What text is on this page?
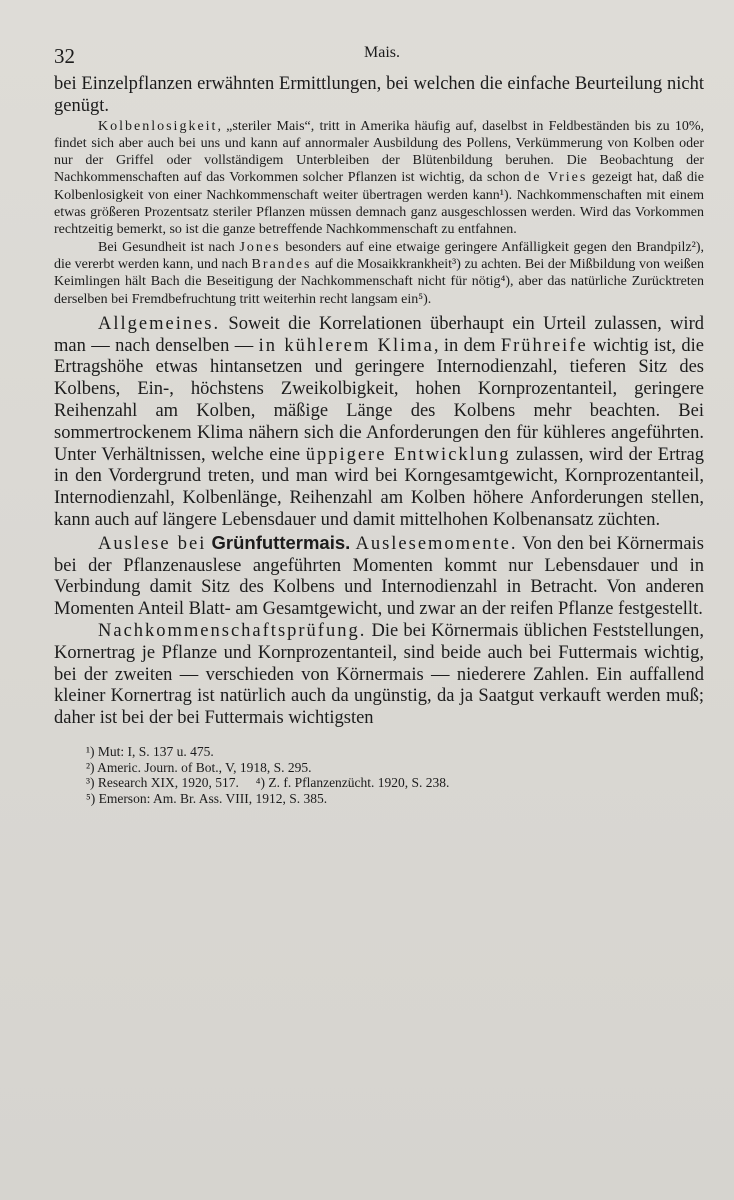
32	Mais.

bei Einzelpflanzen erwähnten Ermittlungen, bei welchen die einfache Beurteilung nicht genügt.

Kolbenlosigkeit, „steriler Mais“, tritt in Amerika häufig auf, daselbst in Feldbeständen bis zu 10%, findet sich aber auch bei uns und kann auf annormaler Ausbildung des Pollens, Verkümmerung von Kolben oder nur der Griffel oder vollständigem Unterbleiben der Blütenbildung beruhen. Die Beobachtung der Nachkommenschaften auf das Vorkommen solcher Pflanzen ist wichtig, da schon de Vries gezeigt hat, daß die Kolbenlosigkeit von einer Nachkommenschaft weiter übertragen werden kann¹). Nachkommenschaften mit einem etwas größeren Prozentsatz steriler Pflanzen müssen demnach ganz ausgeschlossen werden. Wird das Vorkommen rechtzeitig bemerkt, so ist die ganze betreffende Nachkommenschaft zu entfahnen.

Bei Gesundheit ist nach Jones besonders auf eine etwaige geringere Anfälligkeit gegen den Brandpilz²), die vererbt werden kann, und nach Brandes auf die Mosaikkrankheit³) zu achten. Bei der Mißbildung von weißen Keimlingen hält Bach die Beseitigung der Nachkommenschaft nicht für nötig⁴), aber das natürliche Zurücktreten derselben bei Fremdbefruchtung tritt weiterhin recht langsam ein⁵).

Allgemeines. Soweit die Korrelationen überhaupt ein Urteil zulassen, wird man — nach denselben — in kühlerem Klima, in dem Frühreife wichtig ist, die Ertragshöhe etwas hintansetzen und geringere Internodienzahl, tieferen Sitz des Kolbens, Ein-, höchstens Zweikolbigkeit, hohen Kornprozentanteil, geringere Reihenzahl am Kolben, mäßige Länge des Kolbens mehr beachten. Bei sommertrockenem Klima nähern sich die Anforderungen den für kühleres angeführten. Unter Verhältnissen, welche eine üppigere Entwicklung zulassen, wird der Ertrag in den Vordergrund treten, und man wird bei Korngesamtgewicht, Kornprozentanteil, Internodienzahl, Kolbenlänge, Reihenzahl am Kolben höhere Anforderungen stellen, kann auch auf längere Lebensdauer und damit mittelhohen Kolbenansatz züchten.

Auslese bei Grünfuttermais. Auslesemomente. Von den bei Körnermais bei der Pflanzenauslese angeführten Momenten kommt nur Lebensdauer und in Verbindung damit Sitz des Kolbens und Internodienzahl in Betracht. Von anderen Momenten Anteil Blatt- am Gesamtgewicht, und zwar an der reifen Pflanze festgestellt.

Nachkommenschaftsprüfung. Die bei Körnermais üblichen Feststellungen, Kornertrag je Pflanze und Kornprozentanteil, sind beide auch bei Futtermais wichtig, bei der zweiten — verschieden von Körnermais — niederere Zahlen. Ein auffallend kleiner Kornertrag ist natürlich auch da ungünstig, da ja Saatgut verkauft werden muß; daher ist bei der bei Futtermais wichtigsten

¹) Mut: I, S. 137 u. 475.
²) Americ. Journ. of Bot., V, 1918, S. 295.
³) Research XIX, 1920, 517.     ⁴) Z. f. Pflanzenzücht. 1920, S. 238.
⁵) Emerson: Am. Br. Ass. VIII, 1912, S. 385.
